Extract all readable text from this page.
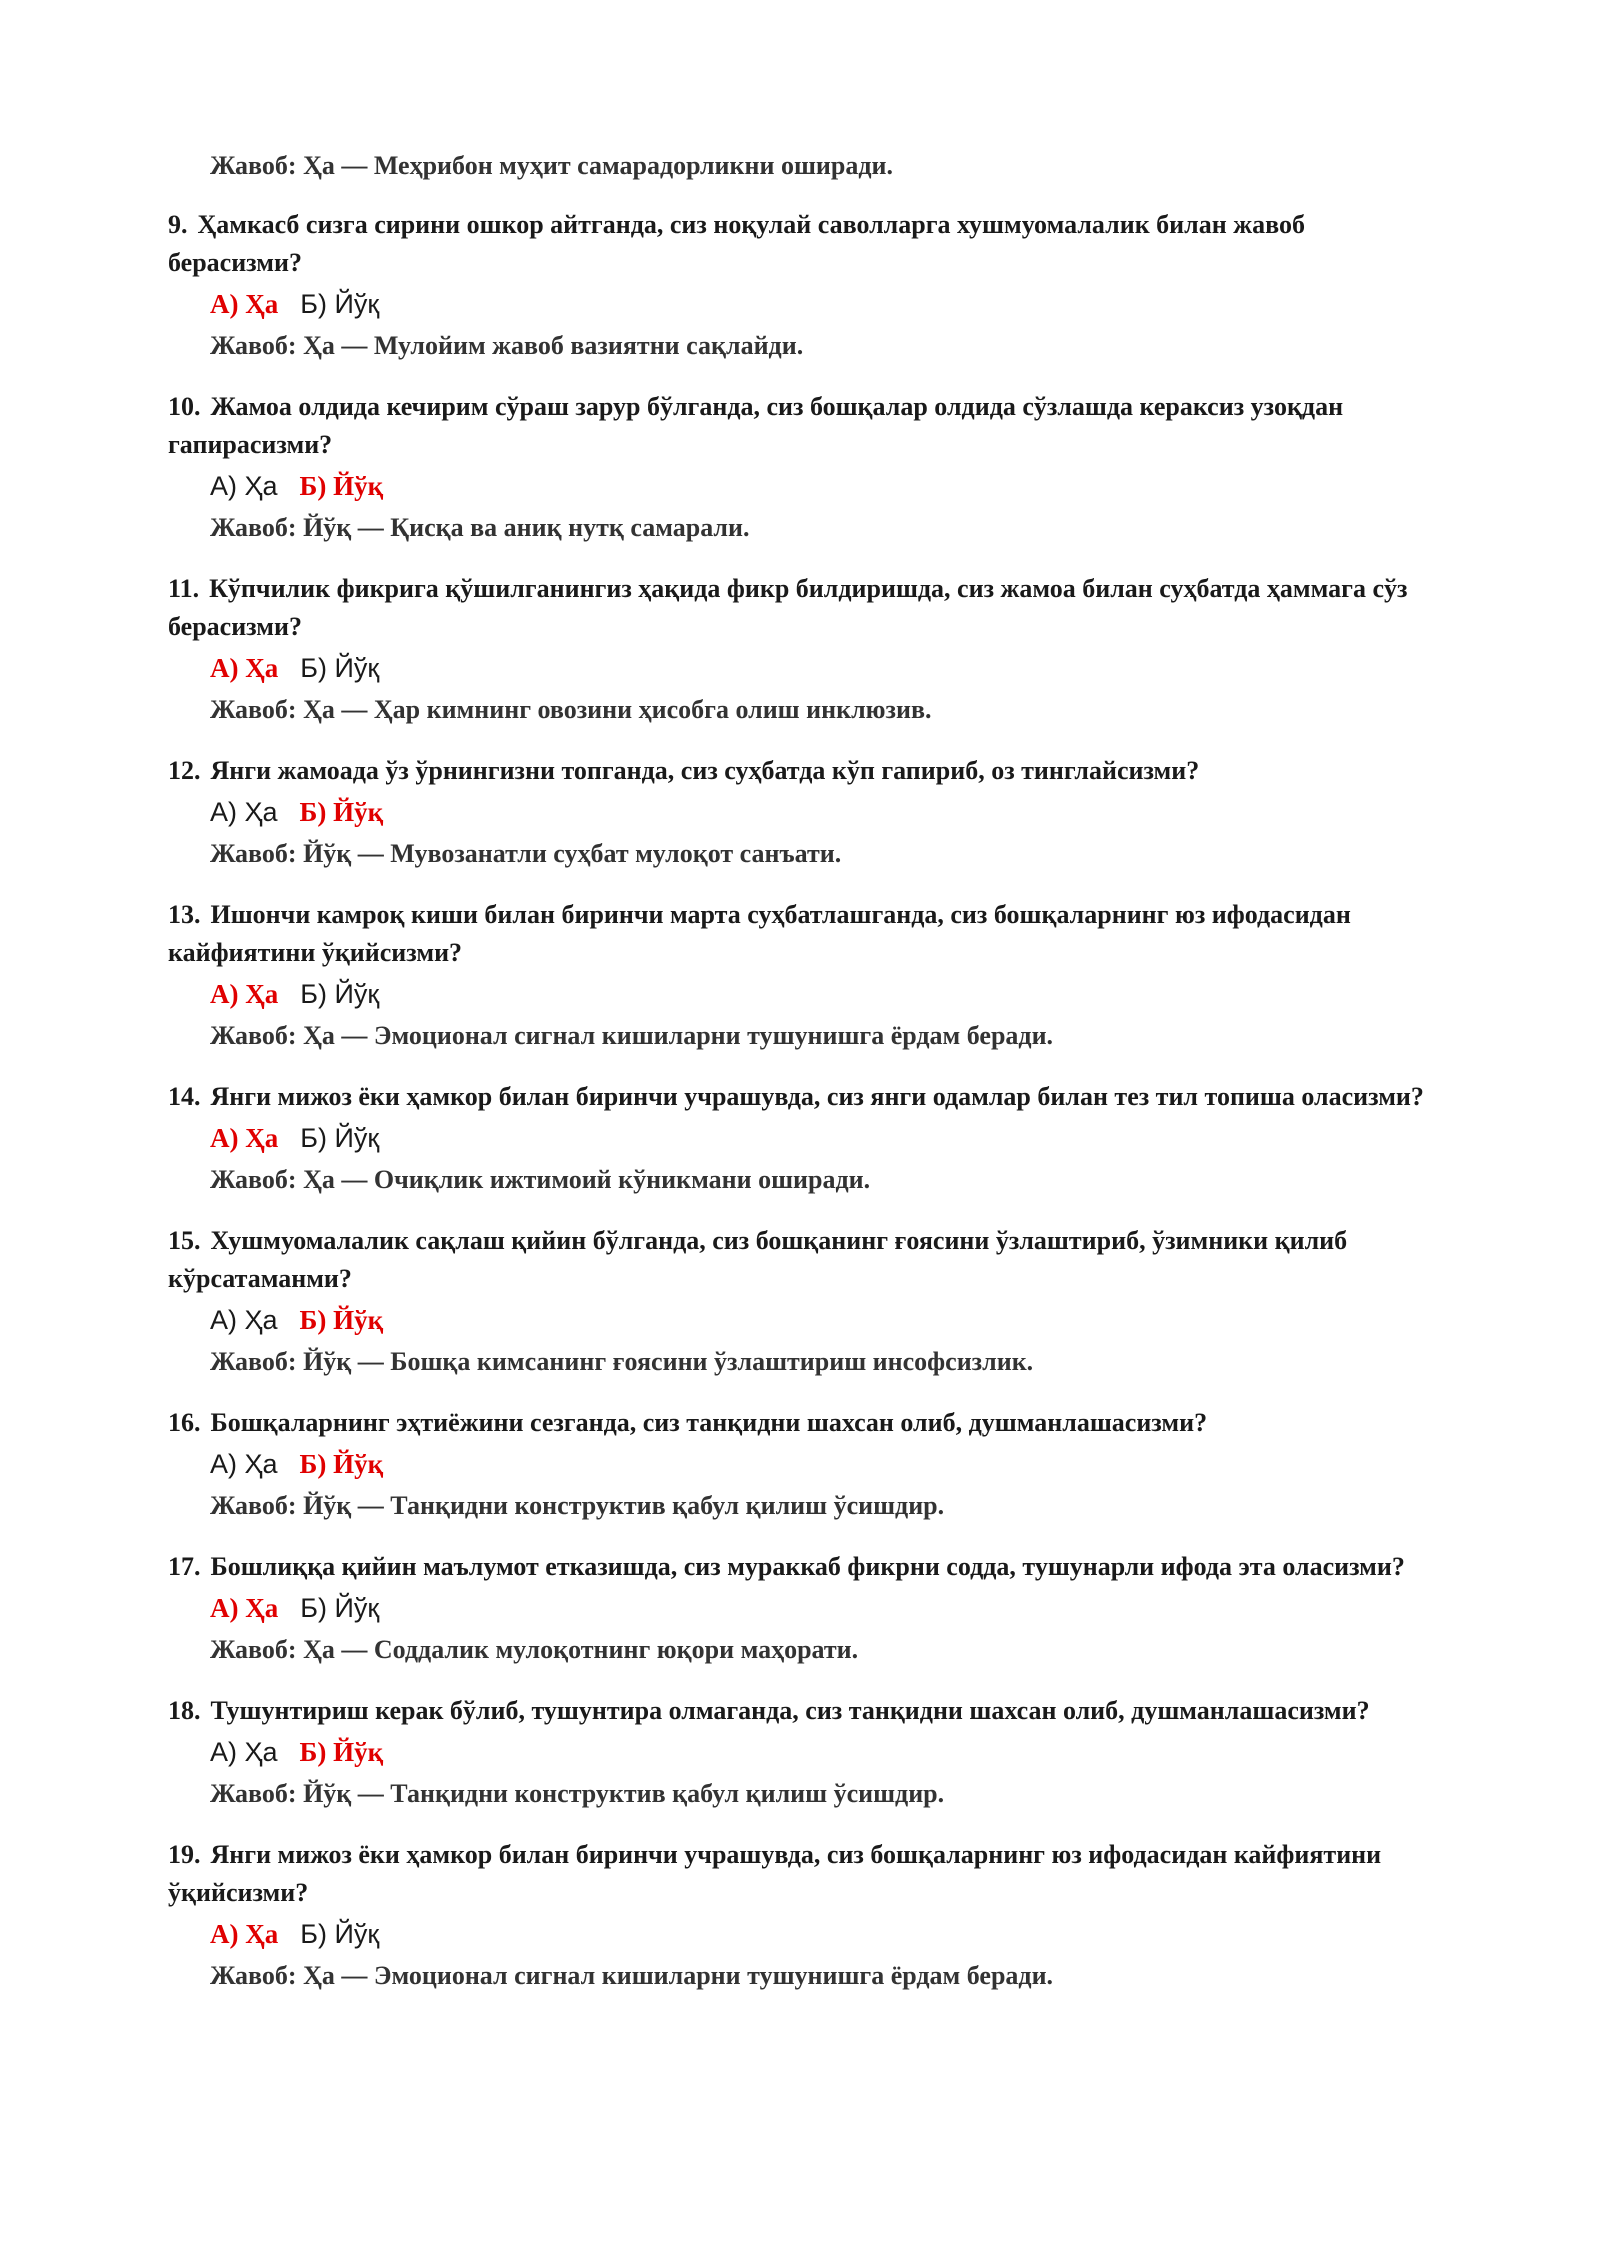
Жавоб: Ҳа — Меҳрибон муҳит самарадорликни оширади.

9. Ҳамкасб сизга сирини ошкор айтганда, сиз ноқулай саволларга хушмуомалалик билан жавоб берасизми?

А) Ҳа Б) Йўқ

Жавоб: Ҳа — Мулойим жавоб вазиятни сақлайди.

10. Жамоа олдида кечирим сўраш зарур бўлганда, сиз бошқалар олдида сўзлашда кераксиз узоқдан гапирасизми?

А) Ҳа Б) Йўқ

Жавоб: Йўқ — Қисқа ва аниқ нутқ самарали.

11. Кўпчилик фикрига қўшилганингиз ҳақида фикр билдиришда, сиз жамоа билан суҳбатда ҳаммага сўз берасизми?

А) Ҳа Б) Йўқ

Жавоб: Ҳа — Ҳар кимнинг овозини ҳисобга олиш инклюзив.

12. Янги жамоада ўз ўрнингизни топганда, сиз суҳбатда кўп гапириб, оз тинглайсизми?

А) Ҳа Б) Йўқ

Жавоб: Йўқ — Мувозанатли суҳбат мулоқот санъати.

13. Ишончи камроқ киши билан биринчи марта суҳбатлашганда, сиз бошқаларнинг юз ифодасидан кайфиятини ўқийсизми?

А) Ҳа Б) Йўқ

Жавоб: Ҳа — Эмоционал сигнал кишиларни тушунишга ёрдам беради.

14. Янги мижоз ёки ҳамкор билан биринчи учрашувда, сиз янги одамлар билан тез тил топиша оласизми?

А) Ҳа Б) Йўқ

Жавоб: Ҳа — Очиқлик ижтимоий кўникмани оширади.

15. Хушмуомалалик сақлаш қийин бўлганда, сиз бошқанинг ғоясини ўзлаштириб, ўзимники қилиб кўрсатаманми?

А) Ҳа Б) Йўқ

Жавоб: Йўқ — Бошқа кимсанинг ғоясини ўзлаштириш инсофсизлик.

16. Бошқаларнинг эҳтиёжини сезганда, сиз танқидни шахсан олиб, душманлашасизми?

А) Ҳа Б) Йўқ

Жавоб: Йўқ — Танқидни конструктив қабул қилиш ўсишдир.

17. Бошлиққа қийин маълумот етказишда, сиз мураккаб фикрни содда, тушунарли ифода эта оласизми?

А) Ҳа Б) Йўқ

Жавоб: Ҳа — Соддалик мулоқотнинг юқори маҳорати.

18. Тушунтириш керак бўлиб, тушунтира олмаганда, сиз танқидни шахсан олиб, душманлашасизми?

А) Ҳа Б) Йўқ

Жавоб: Йўқ — Танқидни конструктив қабул қилиш ўсишдир.

19. Янги мижоз ёки ҳамкор билан биринчи учрашувда, сиз бошқаларнинг юз ифодасидан кайфиятини ўқийсизми?

А) Ҳа Б) Йўқ

Жавоб: Ҳа — Эмоционал сигнал кишиларни тушунишга ёрдам беради.
